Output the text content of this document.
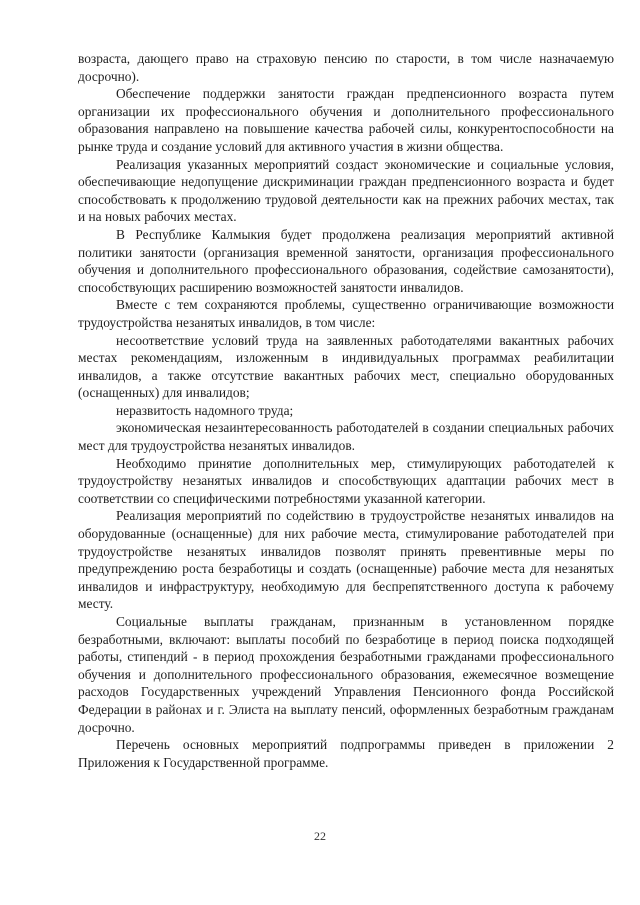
возраста, дающего право на страховую пенсию по старости, в том числе назначаемую досрочно).

Обеспечение поддержки занятости граждан предпенсионного возраста путем организации их профессионального обучения и дополнительного профессионального образования направлено на повышение качества рабочей силы, конкурентоспособности на рынке труда и создание условий для активного участия в жизни общества.

Реализация указанных мероприятий создаст экономические и социальные условия, обеспечивающие недопущение дискриминации граждан предпенсионного возраста и будет способствовать к продолжению трудовой деятельности как на прежних рабочих местах, так и на новых рабочих местах.

В Республике Калмыкия будет продолжена реализация мероприятий активной политики занятости (организация временной занятости, организация профессионального обучения и дополнительного профессионального образования, содействие самозанятости), способствующих расширению возможностей занятости инвалидов.

Вместе с тем сохраняются проблемы, существенно ограничивающие возможности трудоустройства незанятых инвалидов, в том числе:

несоответствие условий труда на заявленных работодателями вакантных рабочих местах рекомендациям, изложенным в индивидуальных программах реабилитации инвалидов, а также отсутствие вакантных рабочих мест, специально оборудованных (оснащенных) для инвалидов;

неразвитость надомного труда;

экономическая незаинтересованность работодателей в создании специальных рабочих мест для трудоустройства незанятых инвалидов.

Необходимо принятие дополнительных мер, стимулирующих работодателей к трудоустройству незанятых инвалидов и способствующих адаптации рабочих мест в соответствии со специфическими потребностями указанной категории.

Реализация мероприятий по содействию в трудоустройстве незанятых инвалидов на оборудованные (оснащенные) для них рабочие места, стимулирование работодателей при трудоустройстве незанятых инвалидов позволят принять превентивные меры по предупреждению роста безработицы и создать (оснащенные) рабочие места для незанятых инвалидов и инфраструктуру, необходимую для беспрепятственного доступа к рабочему месту.

Социальные выплаты гражданам, признанным в установленном порядке безработными, включают: выплаты пособий по безработице в период поиска подходящей работы, стипендий - в период прохождения безработными гражданами профессионального обучения и дополнительного профессионального образования, ежемесячное возмещение расходов Государственных учреждений Управления Пенсионного фонда Российской Федерации в районах и г. Элиста на выплату пенсий, оформленных безработным гражданам досрочно.

Перечень основных мероприятий подпрограммы приведен в приложении 2 Приложения к Государственной программе.

22
